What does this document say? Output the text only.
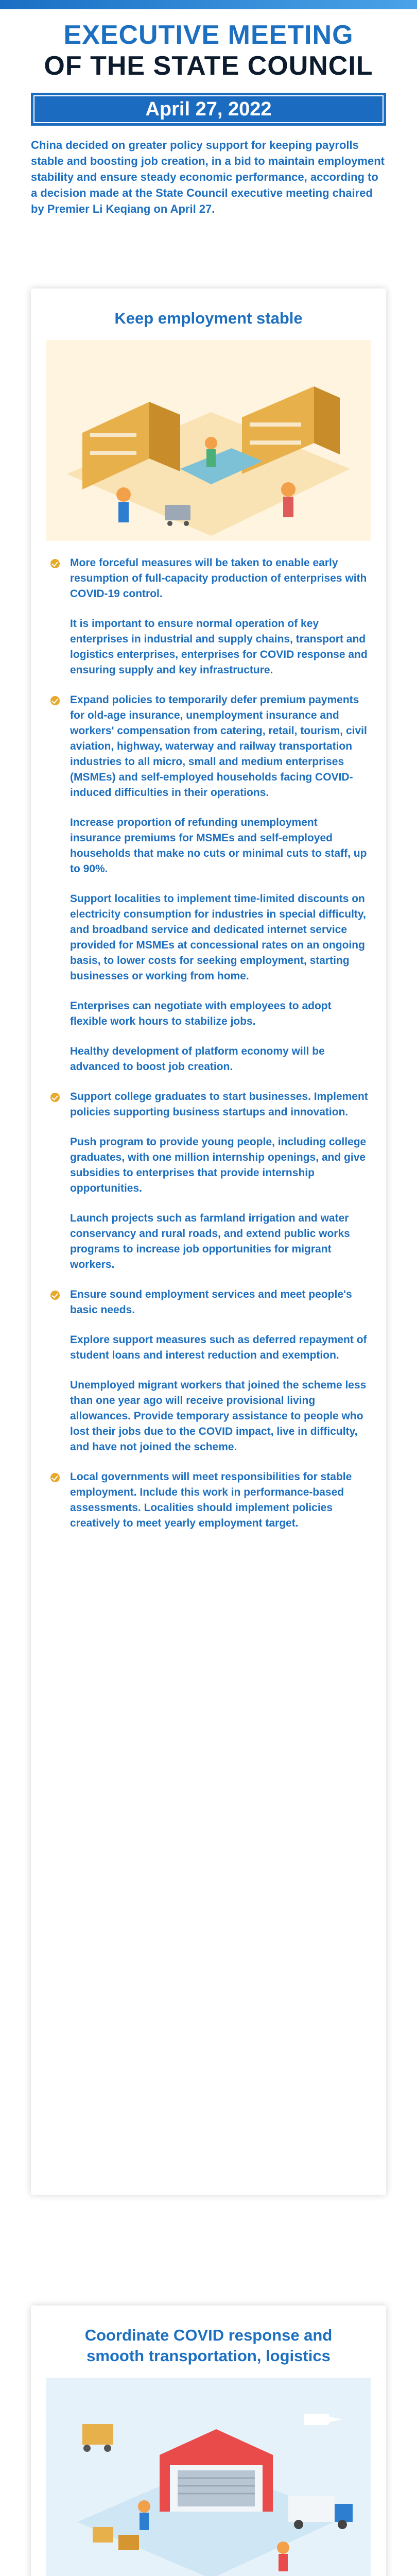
EXECUTIVE MEETING
OF THE STATE COUNCIL
April 27, 2022
China decided on greater policy support for keeping payrolls stable and boosting job creation, in a bid to maintain employment stability and ensure steady economic performance, according to a decision made at the State Council executive meeting chaired by Premier Li Keqiang on April 27.
Keep employment stable

More forceful measures will be taken to enable early resumption of full-capacity production of enterprises with COVID-19 control.

It is important to ensure normal operation of key enterprises in industrial and supply chains, transport and logistics enterprises, enterprises for COVID response and ensuring supply and key infrastructure.

Expand policies to temporarily defer premium payments for old-age insurance, unemployment insurance and workers' compensation from catering, retail, tourism, civil aviation, highway, waterway and railway transportation industries to all micro, small and medium enterprises (MSMEs) and self-employed households facing COVID-induced difficulties in their operations.

Increase proportion of refunding unemployment insurance premiums for MSMEs and self-employed households that make no cuts or minimal cuts to staff, up to 90%.

Support localities to implement time-limited discounts on electricity consumption for industries in special difficulty, and broadband service and dedicated internet service provided for MSMEs at concessional rates on an ongoing basis, to lower costs for seeking employment, starting businesses or working from home.

Enterprises can negotiate with employees to adopt flexible work hours to stabilize jobs.

Healthy development of platform economy will be advanced to boost job creation.

Support college graduates to start businesses. Implement policies supporting business startups and innovation.

Push program to provide young people, including college graduates, with one million internship openings, and give subsidies to enterprises that provide internship opportunities.

Launch projects such as farmland irrigation and water conservancy and rural roads, and extend public works programs to increase job opportunities for migrant workers.

Ensure sound employment services and meet people's basic needs.

Explore support measures such as deferred repayment of student loans and interest reduction and exemption.

Unemployed migrant workers that joined the scheme less than one year ago will receive provisional living allowances. Provide temporary assistance to people who lost their jobs due to the COVID impact, live in difficulty, and have not joined the scheme.

Local governments will meet responsibilities for stable employment. Include this work in performance-based assessments. Localities should implement policies creatively to meet yearly employment target.

Coordinate COVID response and
smooth transportation, logistics
